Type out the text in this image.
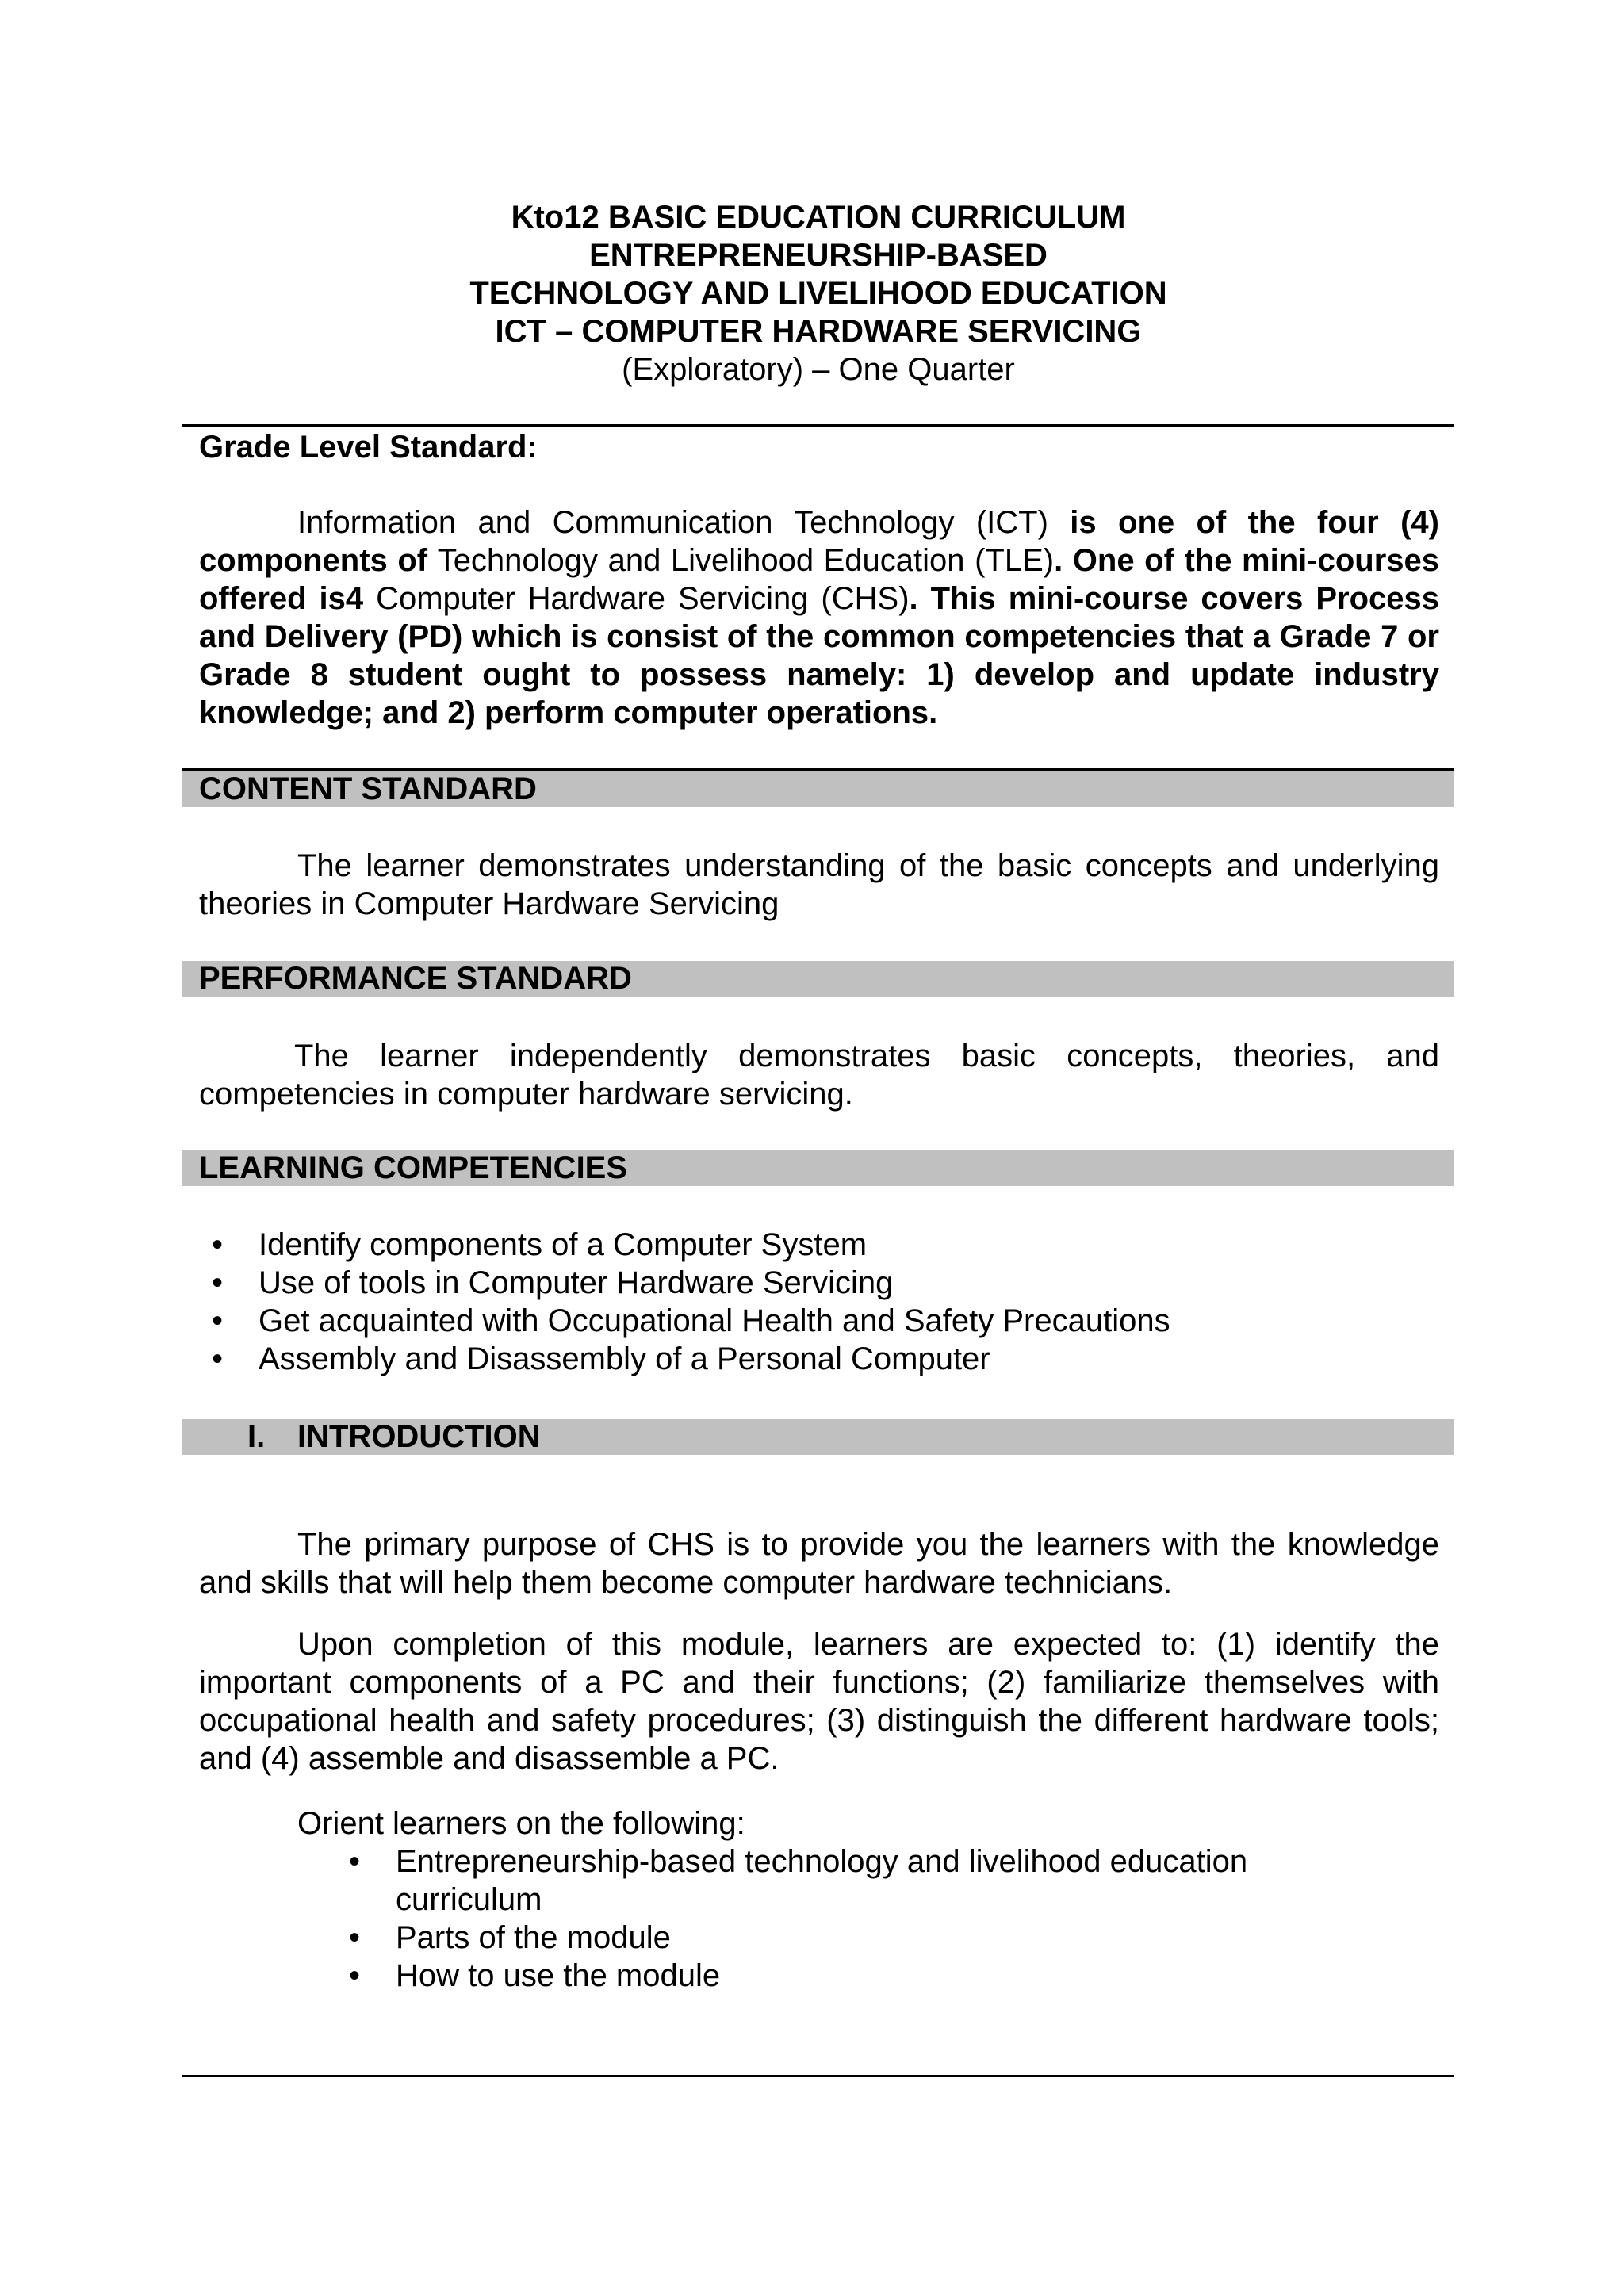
Kto12 BASIC EDUCATION CURRICULUM
ENTREPRENEURSHIP-BASED
TECHNOLOGY AND LIVELIHOOD EDUCATION
ICT – COMPUTER HARDWARE SERVICING
(Exploratory) – One Quarter
Grade Level Standard:

Information and Communication Technology (ICT) is one of the four (4) components of Technology and Livelihood Education (TLE). One of the mini-courses offered is4 Computer Hardware Servicing (CHS). This mini-course covers Process and Delivery (PD) which is consist of the common competencies that a Grade 7 or Grade 8 student ought to possess namely: 1) develop and update industry knowledge; and 2) perform computer operations.

CONTENT STANDARD

The learner demonstrates understanding of the basic concepts and underlying theories in Computer Hardware Servicing

PERFORMANCE STANDARD

The learner independently demonstrates basic concepts, theories, and competencies in computer hardware servicing.

LEARNING COMPETENCIES
• Identify components of a Computer System
• Use of tools in Computer Hardware Servicing
• Get acquainted with Occupational Health and Safety Precautions
• Assembly and Disassembly of a Personal Computer
I. INTRODUCTION

The primary purpose of CHS is to provide you the learners with the knowledge and skills that will help them become computer hardware technicians.

Upon completion of this module, learners are expected to: (1) identify the important components of a PC and their functions; (2) familiarize themselves with occupational health and safety procedures; (3) distinguish the different hardware tools; and (4) assemble and disassemble a PC.

Orient learners on the following:

• Entrepreneurship-based technology and livelihood education curriculum
• Parts of the module
• How to use the module
